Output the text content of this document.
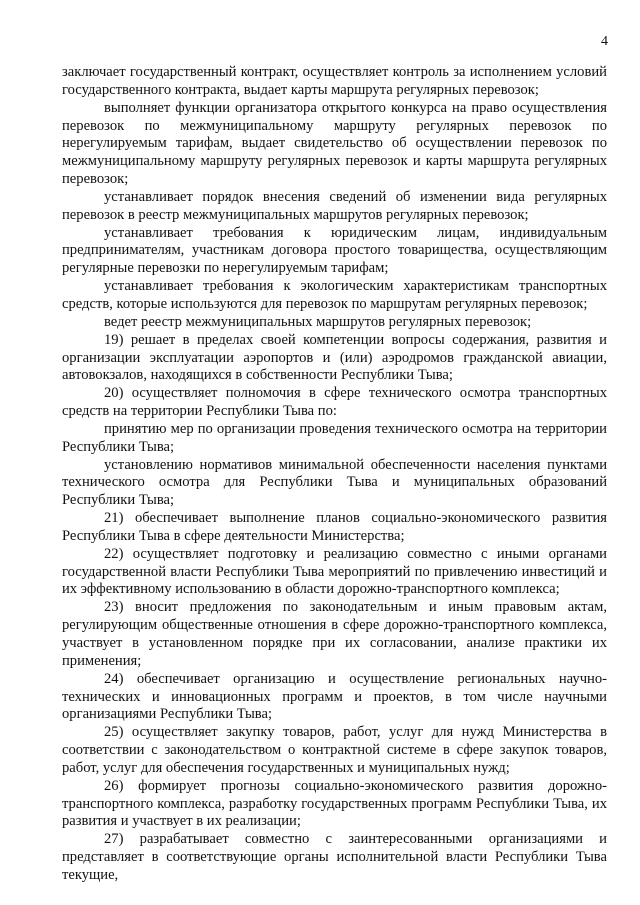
4

заключает государственный контракт, осуществляет контроль за исполнением условий государственного контракта, выдает карты маршрута регулярных перевозок;

выполняет функции организатора открытого конкурса на право осуществления перевозок по межмуниципальному маршруту регулярных перевозок по нерегулируемым тарифам, выдает свидетельство об осуществлении перевозок по межмуниципальному маршруту регулярных перевозок и карты маршрута регулярных перевозок;

устанавливает порядок внесения сведений об изменении вида регулярных перевозок в реестр межмуниципальных маршрутов регулярных перевозок;

устанавливает требования к юридическим лицам, индивидуальным предпринимателям, участникам договора простого товарищества, осуществляющим регулярные перевозки по нерегулируемым тарифам;

устанавливает требования к экологическим характеристикам транспортных средств, которые используются для перевозок по маршрутам регулярных перевозок;

ведет реестр межмуниципальных маршрутов регулярных перевозок;

19) решает в пределах своей компетенции вопросы содержания, развития и организации эксплуатации аэропортов и (или) аэродромов гражданской авиации, автовокзалов, находящихся в собственности Республики Тыва;

20) осуществляет полномочия в сфере технического осмотра транспортных средств на территории Республики Тыва по:

принятию мер по организации проведения технического осмотра на территории Республики Тыва;

установлению нормативов минимальной обеспеченности населения пунктами технического осмотра для Республики Тыва и муниципальных образований Республики Тыва;

21) обеспечивает выполнение планов социально-экономического развития Республики Тыва в сфере деятельности Министерства;

22) осуществляет подготовку и реализацию совместно с иными органами государственной власти Республики Тыва мероприятий по привлечению инвестиций и их эффективному использованию в области дорожно-транспортного комплекса;

23) вносит предложения по законодательным и иным правовым актам, регулирующим общественные отношения в сфере дорожно-транспортного комплекса, участвует в установленном порядке при их согласовании, анализе практики их применения;

24) обеспечивает организацию и осуществление региональных научно-технических и инновационных программ и проектов, в том числе научными организациями Республики Тыва;

25) осуществляет закупку товаров, работ, услуг для нужд Министерства в соответствии с законодательством о контрактной системе в сфере закупок товаров, работ, услуг для обеспечения государственных и муниципальных нужд;

26) формирует прогнозы социально-экономического развития дорожно-транспортного комплекса, разработку государственных программ Республики Тыва, их развития и участвует в их реализации;

27) разрабатывает совместно с заинтересованными организациями и представляет в соответствующие органы исполнительной власти Республики Тыва текущие,
